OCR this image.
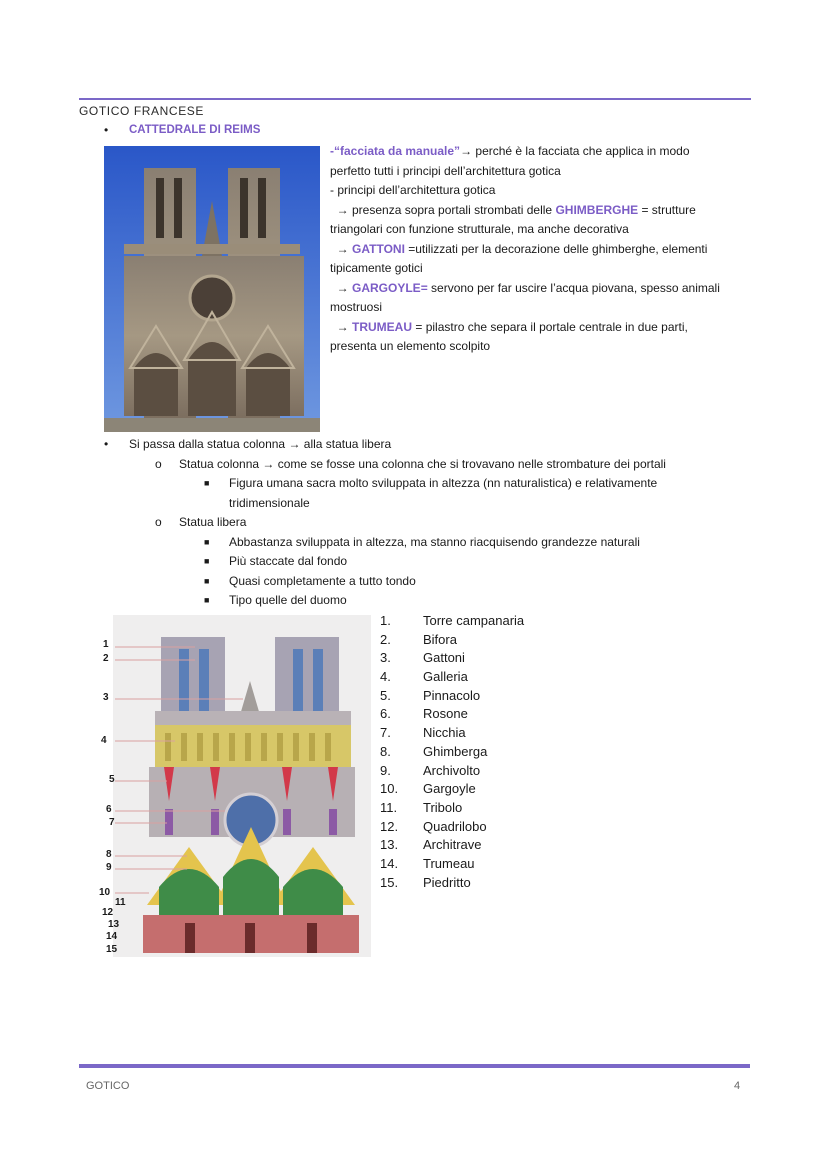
GOTICO FRANCESE
• CATTEDRALE DI REIMS
-“facciata da manuale”→ perché è la facciata che applica in modo
perfetto tutti i principi dell’architettura gotica
- principi dell’architettura gotica
→ presenza sopra portali strombati delle GHIMBERGHE = strutture
triangolari con funzione strutturale, ma anche decorativa
→ GATTONI =utilizzati per la decorazione delle ghimberghe, elementi
tipicamente gotici
→ GARGOYLE= servono per far uscire l’acqua piovana, spesso animali
mostruosi
→ TRUMEAU = pilastro che separa il portale centrale in due parti,
presenta un elemento scolpito
• Si passa dalla statua colonna → alla statua libera
o Statua colonna → come se fosse una colonna che si trovavano nelle strombature dei portali
■ Figura umana sacra molto sviluppata in altezza (nn naturalistica) e relativamente
tridimensionale
o Statua libera
■ Abbastanza sviluppata in altezza, ma stanno riacquisendo grandezze naturali
■ Più staccate dal fondo
■ Quasi completamente a tutto tondo
■ Tipo quelle del duomo
1
2
3
4
5
6
7
8
9
10
11
12
13
14
15
1. Torre campanaria
2. Bifora
3. Gattoni
4. Galleria
5. Pinnacolo
6. Rosone
7. Nicchia
8. Ghimberga
9. Archivolto
10. Gargoyle
11. Tribolo
12. Quadrilobo
13. Architrave
14. Trumeau
15. Piedritto
GOTICO	4
